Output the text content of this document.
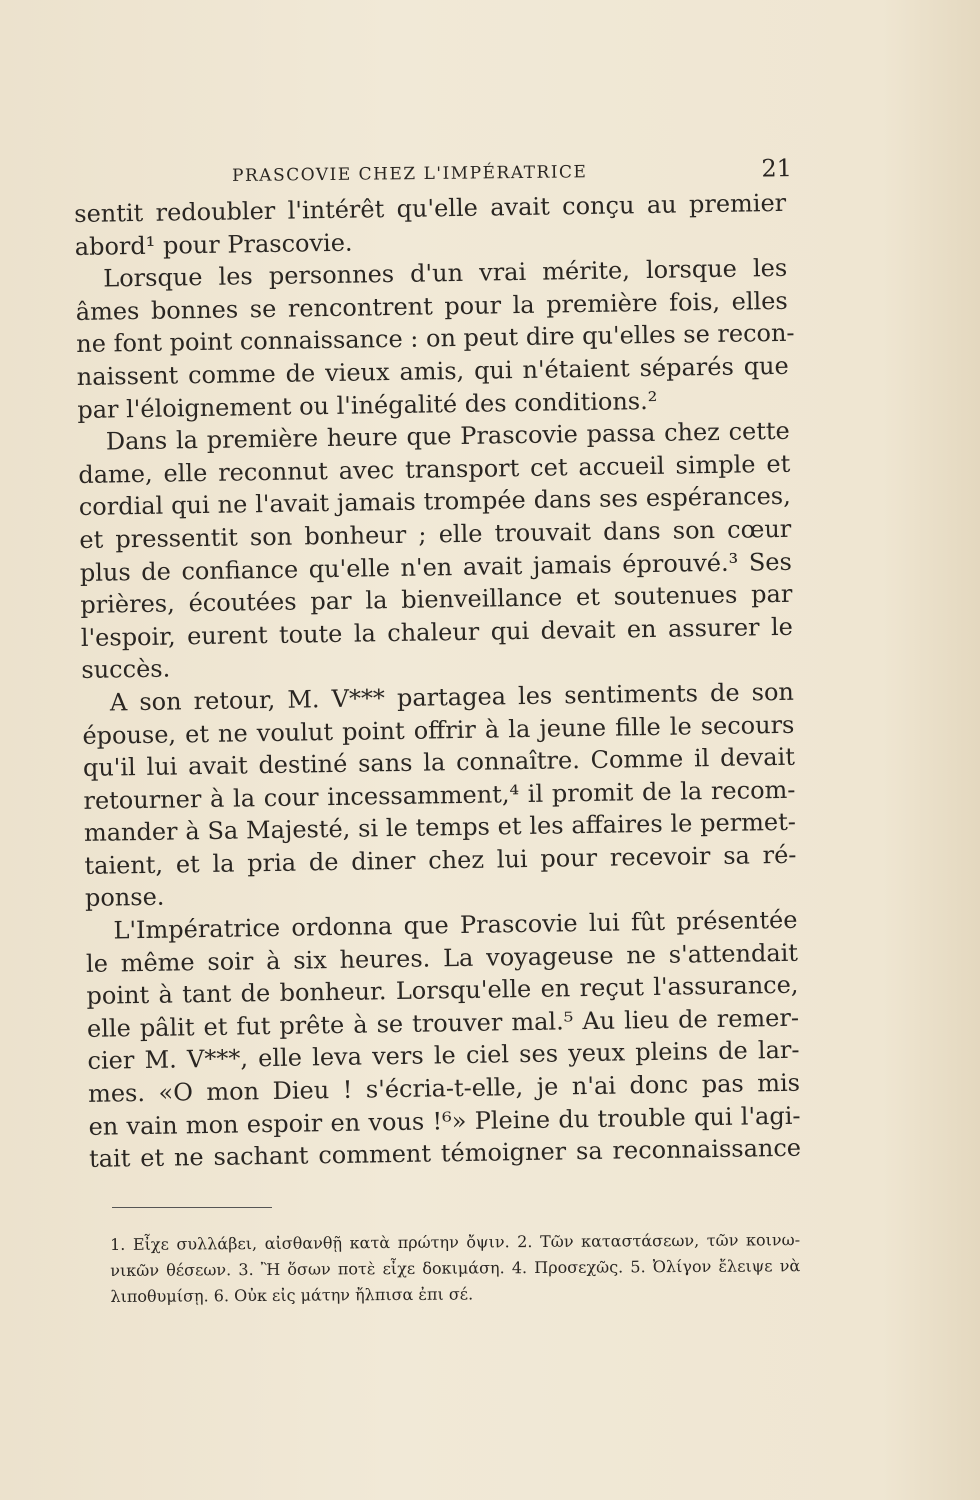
PRASCOVIE CHEZ L'IMPÉRATRICE	21
sentit redoubler l'intérêt qu'elle avait conçu au premier
abord¹ pour Prascovie.
Lorsque les personnes d'un vrai mérite, lorsque les
âmes bonnes se rencontrent pour la première fois, elles
ne font point connaissance : on peut dire qu'elles se recon-
naissent comme de vieux amis, qui n'étaient séparés que
par l'éloignement ou l'inégalité des conditions.²
Dans la première heure que Prascovie passa chez cette
dame, elle reconnut avec transport cet accueil simple et
cordial qui ne l'avait jamais trompée dans ses espérances,
et pressentit son bonheur ; elle trouvait dans son cœur
plus de confiance qu'elle n'en avait jamais éprouvé.³ Ses
prières, écoutées par la bienveillance et soutenues par
l'espoir, eurent toute la chaleur qui devait en assurer le
succès.
A son retour, M. V*** partagea les sentiments de son
épouse, et ne voulut point offrir à la jeune fille le secours
qu'il lui avait destiné sans la connaître. Comme il devait
retourner à la cour incessamment,⁴ il promit de la recom-
mander à Sa Majesté, si le temps et les affaires le permet-
taient, et la pria de diner chez lui pour recevoir sa ré-
ponse.
L'Impératrice ordonna que Prascovie lui fût présentée
le même soir à six heures. La voyageuse ne s'attendait
point à tant de bonheur. Lorsqu'elle en reçut l'assurance,
elle pâlit et fut prête à se trouver mal.⁵ Au lieu de remer-
cier M. V***, elle leva vers le ciel ses yeux pleins de lar-
mes. «O mon Dieu ! s'écria-t-elle, je n'ai donc pas mis
en vain mon espoir en vous !⁶» Pleine du trouble qui l'agi-
tait et ne sachant comment témoigner sa reconnaissance
1. Εἶχε συλλάβει, αἰσθανθῇ κατὰ πρώτην ὄψιν. 2. Τῶν καταστάσεων, τῶν κοινω-
νικῶν θέσεων. 3. Ἢ ὅσων ποτὲ εἶχε δοκιμάση. 4. Προσεχῶς. 5. Ὀλίγον ἔλειψε νὰ
λιποθυμίσῃ. 6. Οὐκ εἰς μάτην ἤλπισα ἐπι σέ.
